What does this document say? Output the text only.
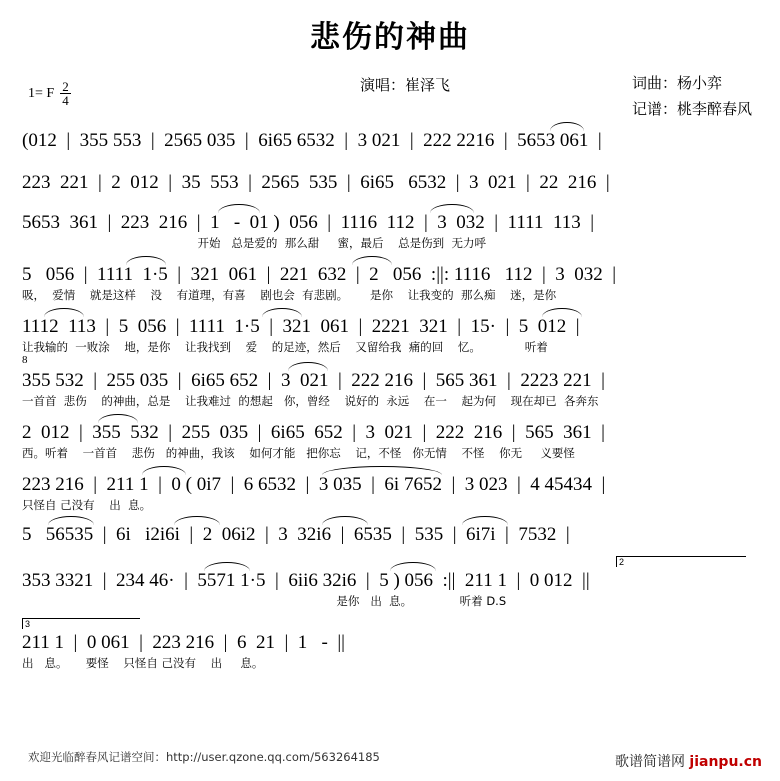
悲伤的神曲
1= F $\frac{2}{4}$	演唱：崔泽飞	词曲：杨小弈
记谱：桃李醉春风
(012  |  355 553  |  2565 035  |  6i65 6532  |  3 021  |  222 2216  |  5653 061  |
223  221  |  2  012  |  35  553  |  2565  535  |  6i65   6532  |  3  021  |  22  216  |
5653  361  |  223  216  |  1   -  01 )  056  |  1116  112  |  3  032  |  1111  113  |
开始   总是爱的  那么甜     蜜，最后    总是伤到  无力呼
5   056  |  1111  1·5  |  321  061  |  221  632  |  2   056  :||: 1116   112  |  3  032  |
吸，  爱情    就是这样    没    有道理，有喜    剧也会  有悲剧。      是你    让我变的  那么痴    迷，是你
8
1112  113  |  5  056  |  1111  1·5  |  321  061  |  2221  321  |  15·  |  5  012  |
让我输的  一败涂    地，是你    让我找到    爱    的足迹，然后    又留给我  痛的回    忆。            听着
355 532  |  255 035  |  6i65 652  |  3  021  |  222 216  |  565 361  |  2223 221  |
一首首  悲伤    的神曲，总是    让我难过  的想起   你，曾经    说好的  永远    在一    起为何    现在却已  各奔东
2  012  |  355  532  |  255  035  |  6i65  652  |  3  021  |  222  216  |  565  361  |
西。听着    一首首    悲伤   的神曲，我该    如何才能   把你忘    记，不怪   你无情    不怪    你无     义要怪
223 216  |  211 1  |  0 ( 0i7  |  6 6532  |  3 035  |  6i 7652  |  3 023  |  4 45434  |
只怪自 己没有    出  息。
5   56535  |  6i   i2i6i  |  2  06i2  |  3  32i6  |  6535  |  535  |  6i7i  |  7532  |
2
353 3321  |  234 46·  |  5571 1·5  |  6ii6 32i6  |  5 ) 056  :||  211 1  |  0 012  ||
是你   出  息。             听着 D.S
3
211 1  |  0 061  |  223 216  |  6  21  |  1   -  ||
出   息。     要怪    只怪自 己没有    出     息。
欢迎光临醉春风记谱空间：http://user.qzone.qq.com/563264185	歌谱简谱网 jianpu.cn
